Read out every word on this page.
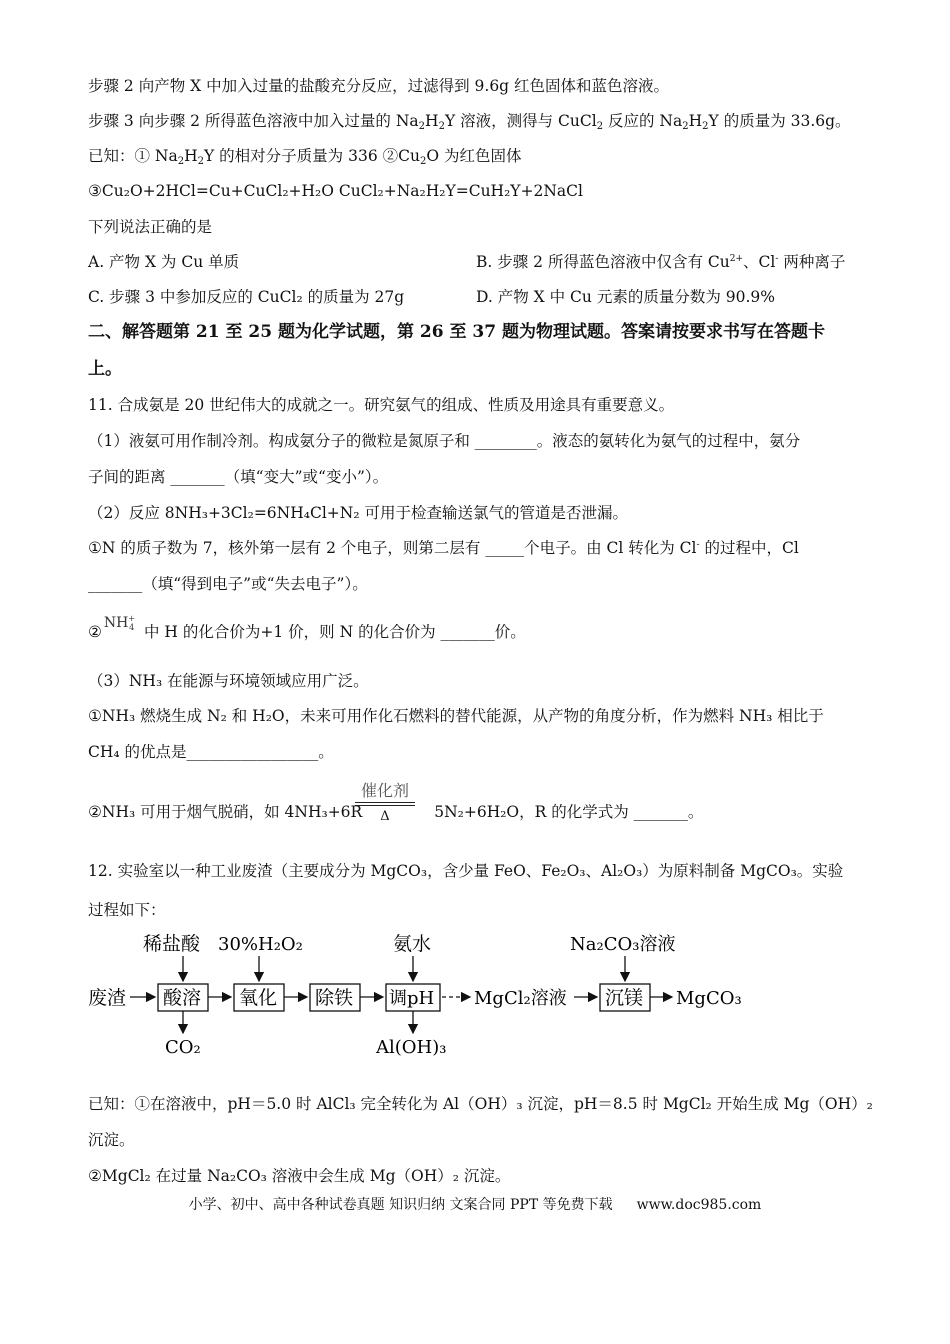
步骤 2 向产物 X 中加入过量的盐酸充分反应，过滤得到 9.6g 红色固体和蓝色溶液。
步骤 3 向步骤 2 所得蓝色溶液中加入过量的 $Na_2H_2Y$ 溶液，测得与 CuCl$_2$ 反应的 $Na_2H_2Y$ 的质量为 33.6g。
已知：① $Na_2H_2Y$ 的相对分子质量为 336 $②Cu_2O$ 为红色固体
③Cu₂O+2HCl=Cu+CuCl₂+H₂O CuCl₂+Na₂H₂Y=CuH₂Y+2NaCl
下列说法正确的是
A. 产物 X 为 Cu 单质	B. 步骤 2 所得蓝色溶液中仅含有 $Cu^{2+}$、Cl- 两种离子
C. 步骤 3 中参加反应的 CuCl₂ 的质量为 27g	D. 产物 X 中 Cu 元素的质量分数为 90.9%
二、解答题第 21 至 25 题为化学试题，第 26 至 37 题为物理试题。答案请按要求书写在答题卡
上。
11. 合成氨是 20 世纪伟大的成就之一。研究氨气的组成、性质及用途具有重要意义。
（1）液氨可用作制冷剂。构成氨分子的微粒是氮原子和 ________。液态的氨转化为氨气的过程中，氨分
子间的距离 _______（填“变大”或“变小”）。
（2）反应 8NH₃+3Cl₂=6NH₄Cl+N₂ 可用于检查输送氯气的管道是否泄漏。
①N 的质子数为 7，核外第一层有 2 个电子，则第二层有 _____个电子。由 Cl 转化为 Cl- 的过程中，Cl
_______（填“得到电子”或“失去电子”）。
② NH +
4 中 H 的化合价为+1 价，则 N 的化合价为 _______价。
（3）NH₃ 在能源与环境领域应用广泛。
①NH₃ 燃烧生成 N₂ 和 H₂O，未来可用作化石燃料的替代能源，从产物的角度分析，作为燃料 NH₃ 相比于
CH₄ 的优点是_________________。
②NH₃ 可用于烟气脱硝，如 4NH₃+6R	5N₂+6H₂O，R 的化学式为 _______。
催化剂
Δ
12. 实验室以一种工业废渣（主要成分为 MgCO₃，含少量 FeO、Fe₂O₃、Al₂O₃）为原料制备 MgCO₃。实验
过程如下：
废渣 酸溶 氧化 除铁 调pH MgCl₂溶液 沉镁 MgCO₃
稀盐酸 30%H₂O₂	氨水	Na₂CO₃溶液
CO₂	Al(OH)₃
已知：①在溶液中，pH＝5.0 时 AlCl₃ 完全转化为 Al（OH）₃ 沉淀，pH＝8.5 时 MgCl₂ 开始生成 Mg（OH）₂
沉淀。
②MgCl₂ 在过量 Na₂CO₃ 溶液中会生成 Mg（OH）₂ 沉淀。
小学、初中、高中各种试卷真题 知识归纳 文案合同 PPT 等免费下载 www.doc985.com
